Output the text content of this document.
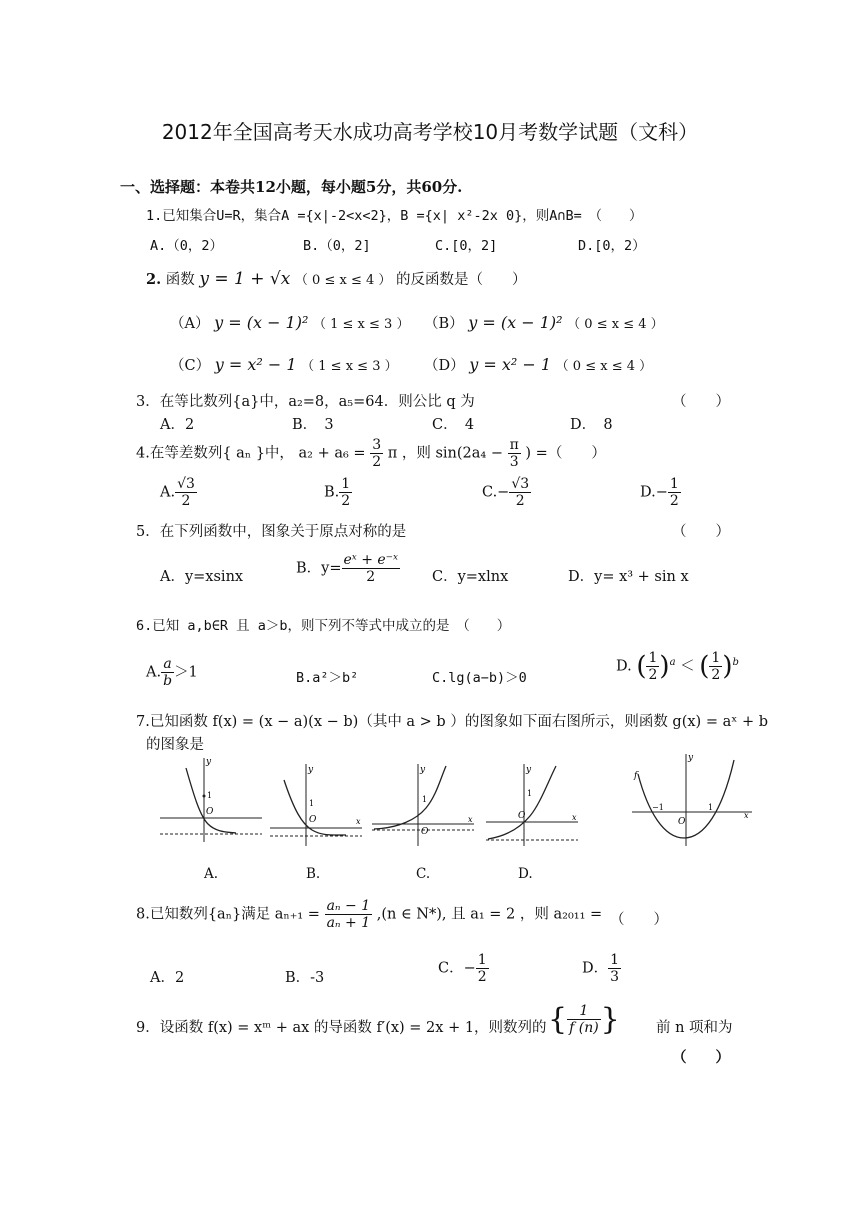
2012年全国高考天水成功高考学校10月考数学试题（文科）
一、选择题：本卷共12小题，每小题5分，共60分.
1.已知集合U=R，集合A ={x|-2<x<2}，B ={x| x²-2x 0}，则A∩B=　（　　）
A.（0，2）	B.（0，2]	C.[0，2]	D.[0，2）
2. 函数 y = 1 + √x （ 0 ≤ x ≤ 4 ） 的反函数是（　　）
（A） y = (x − 1)² （ 1 ≤ x ≤ 3 ） （B） y = (x − 1)² （ 0 ≤ x ≤ 4 ）
（C） y = x² − 1 （ 1 ≤ x ≤ 3 ） （D） y = x² − 1 （ 0 ≤ x ≤ 4 ）
3．在等比数列{a}中，a₂=8，a₅=64．则公比 q 为	（　　）
A．2	B．　3	C．　4	D．　8
4.在等差数列{ aₙ }中， $a_2 + a_6 = \frac{3}{2}$ π ，则 $\sin(2a_4 - \frac{\pi}{3}$ ) =（　　）
A. $\frac{√3}{2}$	B. $\frac{1}{2}$	$C.- \frac{√3}{2}$	$D.- \frac{1}{2}$
5．在下列函数中，图象关于原点对称的是	（　　）
A．y=xsinx
B．$y= \frac{\text{eˣ + e⁻ˣ}}{2}$ C．y=xlnx	D．y= x³ + sin x
6.已知 a,b∈R 且 a＞b，则下列不等式中成立的是　（　　）
A. $\frac{a}{b} >1$	B.a²＞b²	C.lg(a−b)＞0
D. ( $\frac{1}{2} )^a$ ＜ ( $\frac{1}{2} )^b$
7.已知函数 f(x) = (x − a)(x − b)（其中 a > b ）的图象如下面右图所示，则函数 g(x) = aˣ + b
的图象是
1
y
O
A.
1
y
O	x
B.
1
y
O
x
C.
1
y
O	x
D.
f
y
−1	1
O
x
8.已知数列{aₙ}满足 $a_{n+1} = \frac{\text{aₙ − 1}}{\text{aₙ + 1}} ,(n$ ∈ N*), 且 a₁ = 2 ，则 a₂₀₁₁ = （　　）
A．2	B．-3
C．− $\frac{1}{2}$	D． $\frac{1}{3}$
9．设函数 f(x) = xᵐ + ax 的导函数 f′(x) = 2x + 1，则数列的 { $\frac{1}{f (n)}$ } 前 n 项和为
（　　）
